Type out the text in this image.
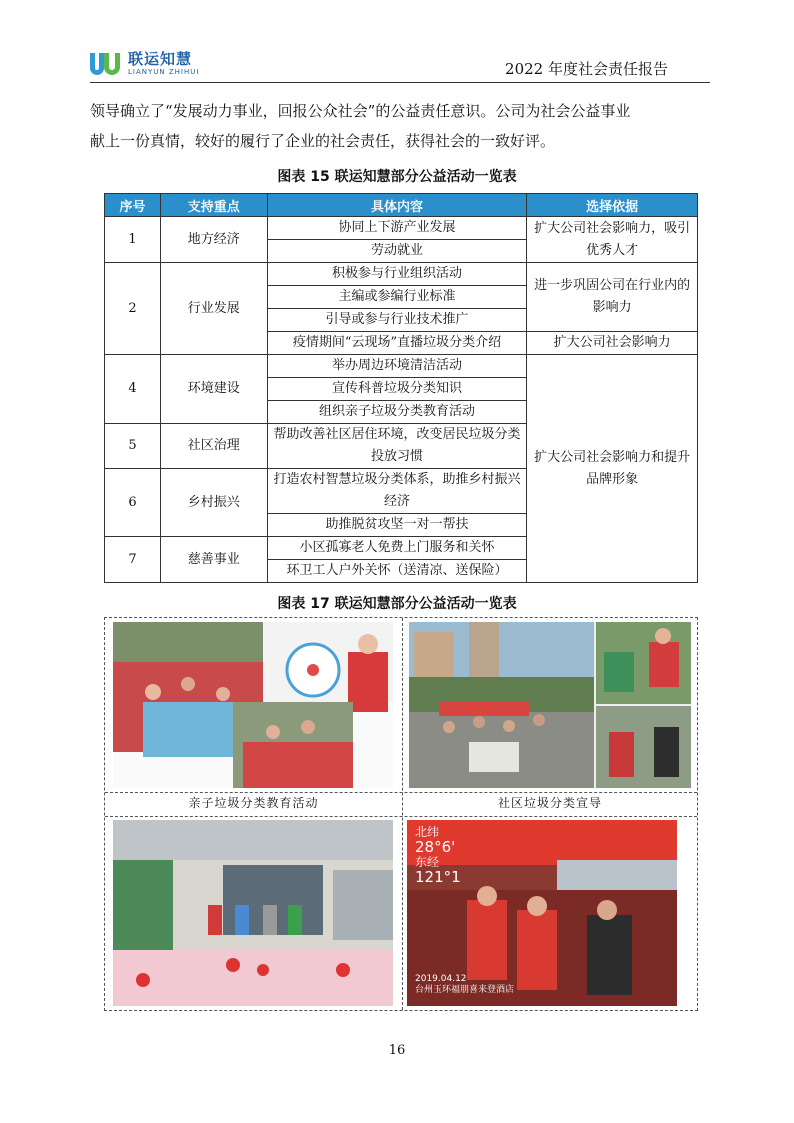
联运知慧
LIANYUN ZHIHUI	2022 年度社会责任报告
领导确立了“发展动力事业，回报公众社会”的公益责任意识。公司为社会公益事业
献上一份真情，较好的履行了企业的社会责任，获得社会的一致好评。
图表 15 联运知慧部分公益活动一览表
序号	支持重点	具体内容	选择依据
1	地方经济	协同上下游产业发展	扩大公司社会影响力，吸引优秀人才
		劳动就业	
2	行业发展	积极参与行业组织活动	进一步巩固公司在行业内的影响力
		主编或参编行业标准	
		引导或参与行业技术推广	
		疫情期间“云现场”直播垃圾分类介绍	扩大公司社会影响力
4	环境建设	举办周边环境清洁活动	扩大公司社会影响力和提升品牌形象
		宣传科普垃圾分类知识	
		组织亲子垃圾分类教育活动	
5	社区治理	帮助改善社区居住环境，改变居民垃圾分类投放习惯	
6	乡村振兴	打造农村智慧垃圾分类体系，助推乡村振兴经济	
		助推脱贫攻坚一对一帮扶	
7	慈善事业	小区孤寡老人免费上门服务和关怀	
		环卫工人户外关怀（送清凉、送保险）	
图表 17 联运知慧部分公益活动一览表
亲子垃圾分类教育活动	社区垃圾分类宣导
北纬
28°6'
东经
121°1
2019.04.12
台州玉环福朋喜来登酒店
16
